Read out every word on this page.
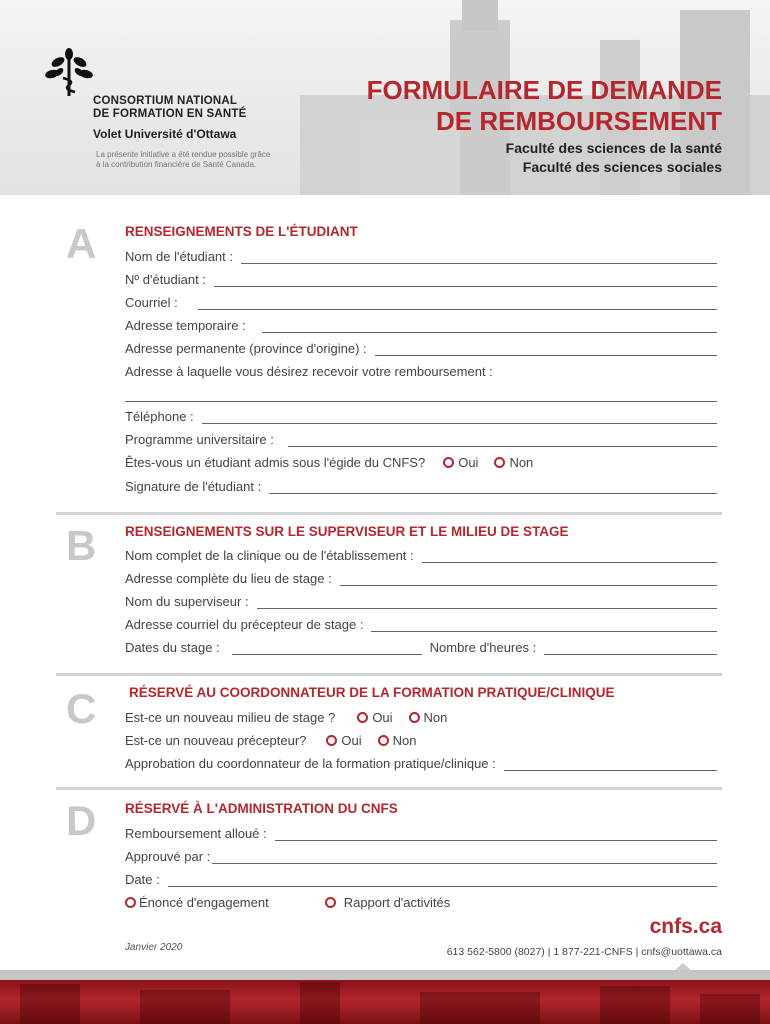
CONSORTIUM NATIONAL
DE FORMATION EN SANTÉ
Volet Université d'Ottawa
La présente initiative a été rendue possible grâce
à la contribution financière de Santé Canada.
FORMULAIRE DE DEMANDE
DE REMBOURSEMENT
Faculté des sciences de la santé
Faculté des sciences sociales
A RENSEIGNEMENTS DE L'ÉTUDIANT
Nom de l'étudiant :
Nº d'étudiant :
Courriel :
Adresse temporaire :
Adresse permanente (province d'origine) :
Adresse à laquelle vous désirez recevoir votre remboursement :
Téléphone :
Programme universitaire :
Êtes-vous un étudiant admis sous l'égide du CNFS?	Oui Non
Signature de l'étudiant :
B RENSEIGNEMENTS SUR LE SUPERVISEUR ET LE MILIEU DE STAGE
Nom complet de la clinique ou de l'établissement :
Adresse complète du lieu de stage :
Nom du superviseur :
Adresse courriel du précepteur de stage :
Dates du stage :	Nombre d'heures :
C RÉSERVÉ AU COORDONNATEUR DE LA FORMATION PRATIQUE/CLINIQUE
Est-ce un nouveau milieu de stage ?	Oui Non
Est-ce un nouveau précepteur?	Oui Non
Approbation du coordonnateur de la formation pratique/clinique :
D RÉSERVÉ À L'ADMINISTRATION DU CNFS
Remboursement alloué :
Approuvé par :
Date :
Énoncé d'engagement	Rapport d'activités
cnfs.ca
Janvier 2020	613 562-5800 (8027) | 1 877-221-CNFS | cnfs@uottawa.ca
